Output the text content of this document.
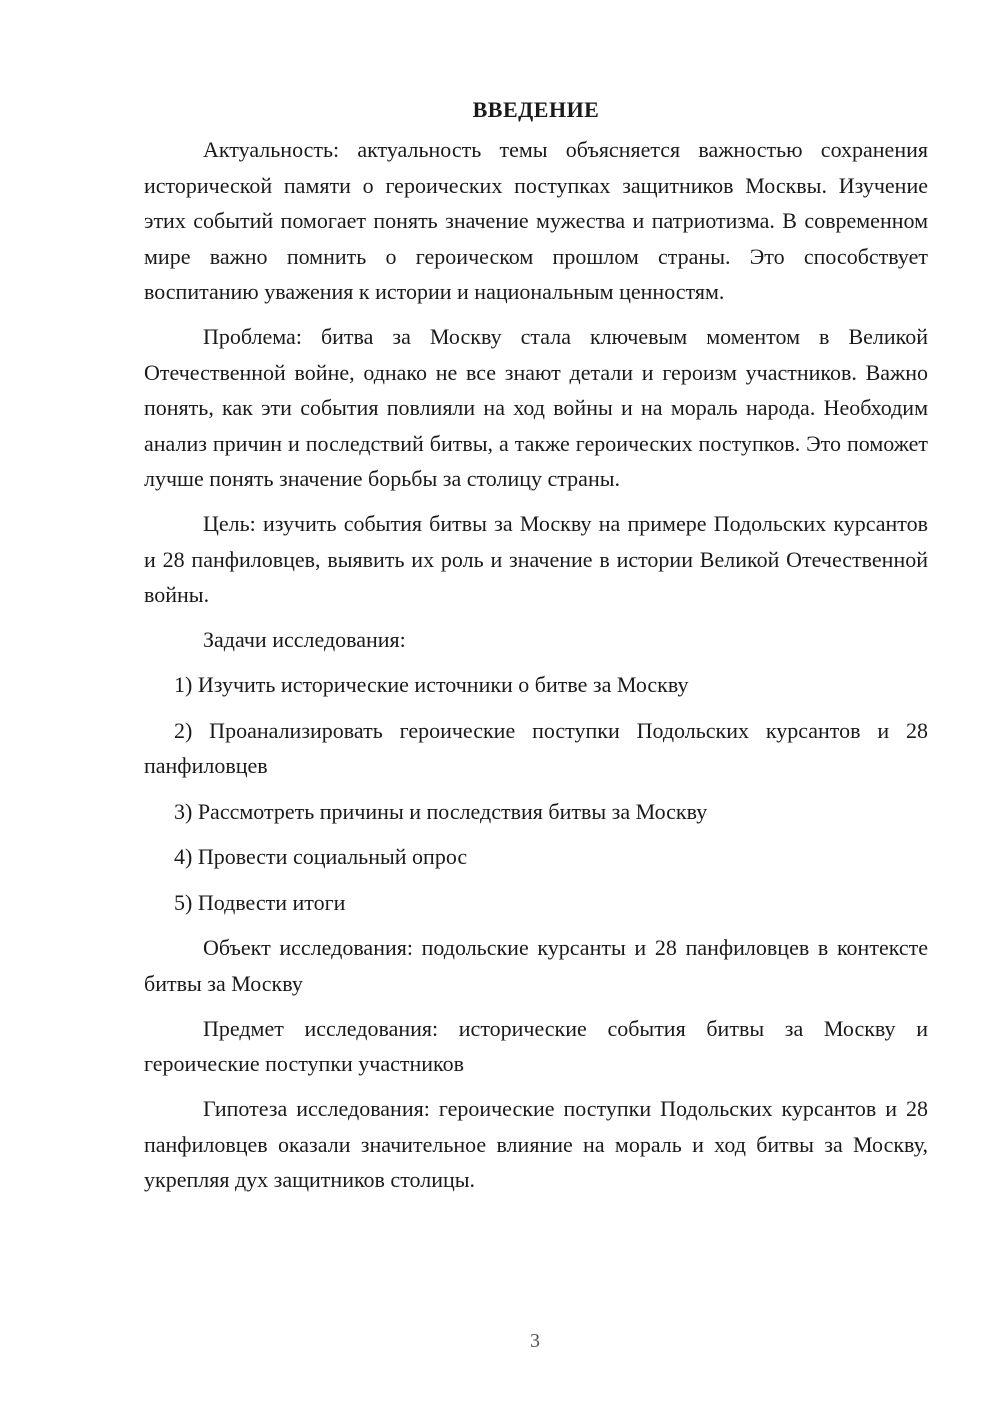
ВВЕДЕНИЕ

Актуальность: актуальность темы объясняется важностью сохранения исторической памяти о героических поступках защитников Москвы. Изучение этих событий помогает понять значение мужества и патриотизма. В современном мире важно помнить о героическом прошлом страны. Это способствует воспитанию уважения к истории и национальным ценностям.

Проблема: битва за Москву стала ключевым моментом в Великой Отечественной войне, однако не все знают детали и героизм участников. Важно понять, как эти события повлияли на ход войны и на мораль народа. Необходим анализ причин и последствий битвы, а также героических поступков. Это поможет лучше понять значение борьбы за столицу страны.

Цель: изучить события битвы за Москву на примере Подольских курсантов и 28 панфиловцев, выявить их роль и значение в истории Великой Отечественной войны.

Задачи исследования:

1) Изучить исторические источники о битве за Москву

2) Проанализировать героические поступки Подольских курсантов и 28 панфиловцев

3) Рассмотреть причины и последствия битвы за Москву

4) Провести социальный опрос

5) Подвести итоги

Объект исследования: подольские курсанты и 28 панфиловцев в контексте битвы за Москву

Предмет исследования: исторические события битвы за Москву и героические поступки участников

Гипотеза исследования: героические поступки Подольских курсантов и 28 панфиловцев оказали значительное влияние на мораль и ход битвы за Москву, укрепляя дух защитников столицы.

3
